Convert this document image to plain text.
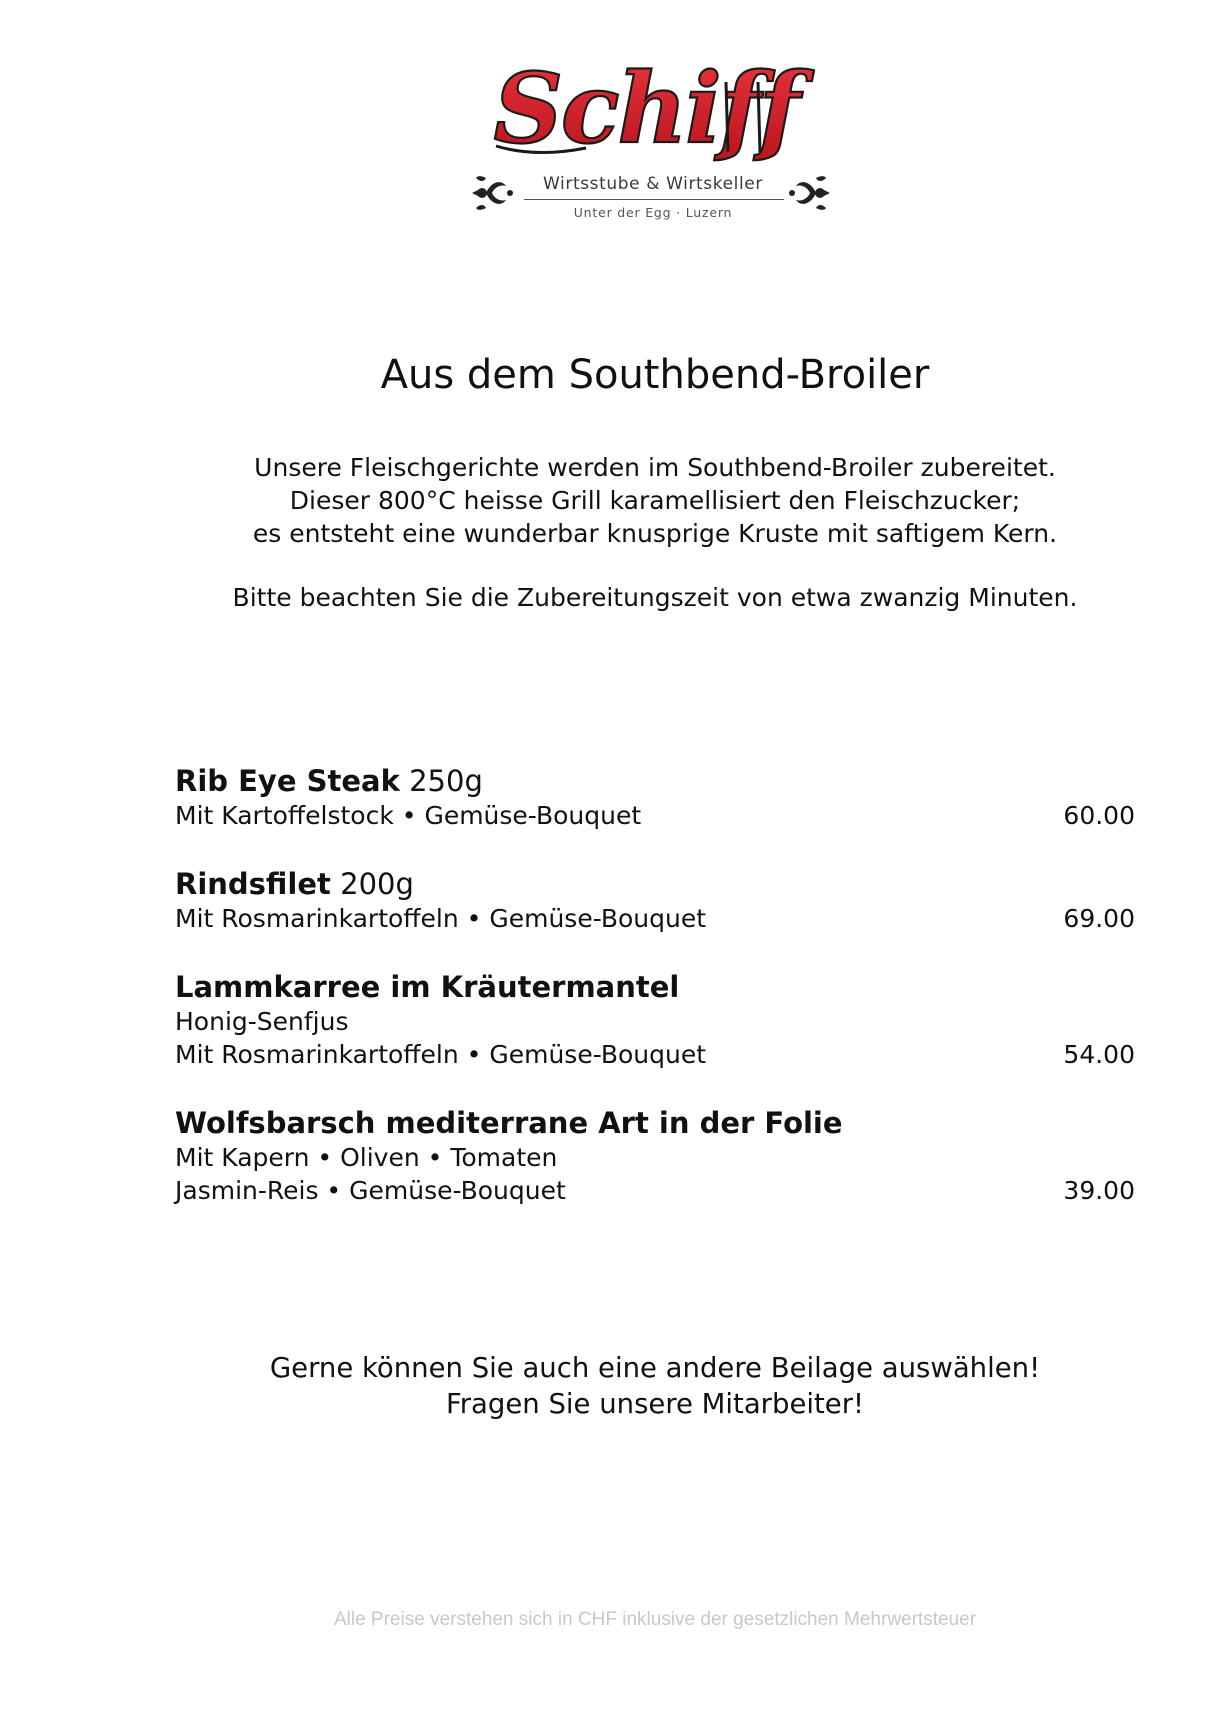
Schiff
Wirtsstube & Wirtskeller
Unter der Egg · Luzern
Aus dem Southbend-Broiler

Unsere Fleischgerichte werden im Southbend-Broiler zubereitet.
Dieser 800°C heisse Grill karamellisiert den Fleischzucker;
es entsteht eine wunderbar knusprige Kruste mit saftigem Kern.

Bitte beachten Sie die Zubereitungszeit von etwa zwanzig Minuten.

Rib Eye Steak 250g

Mit Kartoffelstock • Gemüse-Bouquet	60.00

Rindsfilet 200g

Mit Rosmarinkartoffeln • Gemüse-Bouquet	69.00

Lammkarree im Kräutermantel

Honig-Senfjus

Mit Rosmarinkartoffeln • Gemüse-Bouquet	54.00

Wolfsbarsch mediterrane Art in der Folie

Mit Kapern • Oliven • Tomaten

Jasmin-Reis • Gemüse-Bouquet	39.00

Gerne können Sie auch eine andere Beilage auswählen!
Fragen Sie unsere Mitarbeiter!

Alle Preise verstehen sich in CHF inklusive der gesetzlichen Mehrwertsteuer
